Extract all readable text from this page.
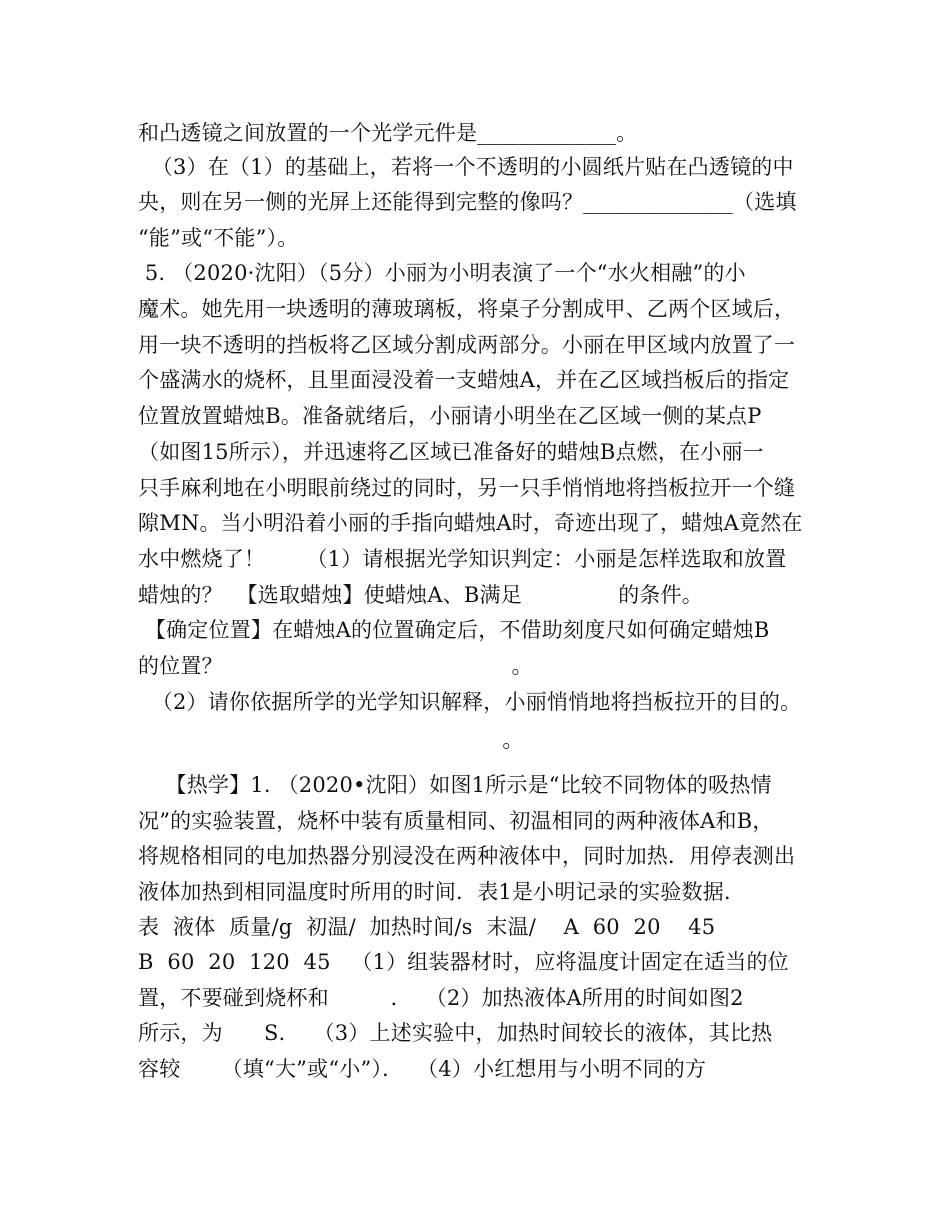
和凸透镜之间放置的一个光学元件是_____________。
（3）在（1）的基础上，若将一个不透明的小圆纸片贴在凸透镜的中
央，则在另一侧的光屏上还能得到完整的像吗？______________（选填
“能”或“不能”）。
5. （2020·沈阳）（5分）小丽为小明表演了一个“水火相融”的小
魔术。她先用一块透明的薄玻璃板，将桌子分割成甲、乙两个区域后，
用一块不透明的挡板将乙区域分割成两部分。小丽在甲区域内放置了一
个盛满水的烧杯，且里面浸没着一支蜡烛A，并在乙区域挡板后的指定
位置放置蜡烛B。准备就绪后，小丽请小明坐在乙区域一侧的某点P
（如图15所示），并迅速将乙区域已准备好的蜡烛B点燃，在小丽一
只手麻利地在小明眼前绕过的同时，另一只手悄悄地将挡板拉开一个缝
隙MN。当小明沿着小丽的手指向蜡烛A时，奇迹出现了，蜡烛A竟然在
水中燃烧了！      （1）请根据光学知识判定：小丽是怎样选取和放置
蜡烛的？  【选取蜡烛】使蜡烛A、B满足              的条件。
【确定位置】在蜡烛A的位置确定后，不借助刻度尺如何确定蜡烛B
的位置？                                          。
（2）请你依据所学的光学知识解释，小丽悄悄地将挡板拉开的目的。
。
【热学】1. （2020•沈阳）如图1所示是“比较不同物体的吸热情
况”的实验装置，烧杯中装有质量相同、初温相同的两种液体A和B，
将规格相同的电加热器分别浸没在两种液体中，同时加热．用停表测出
液体加热到相同温度时所用的时间．表1是小明记录的实验数据．
表  液体  质量/g  初温/  加热时间/s  末温/    A  60  20    45
B  60  20  120  45   （1）组装器材时，应将温度计固定在适当的位
置，不要碰到烧杯和         ．  （2）加热液体A所用的时间如图2
所示，为      S．  （3）上述实验中，加热时间较长的液体，其比热
容较      （填“大”或“小”）．  （4）小红想用与小明不同的方
